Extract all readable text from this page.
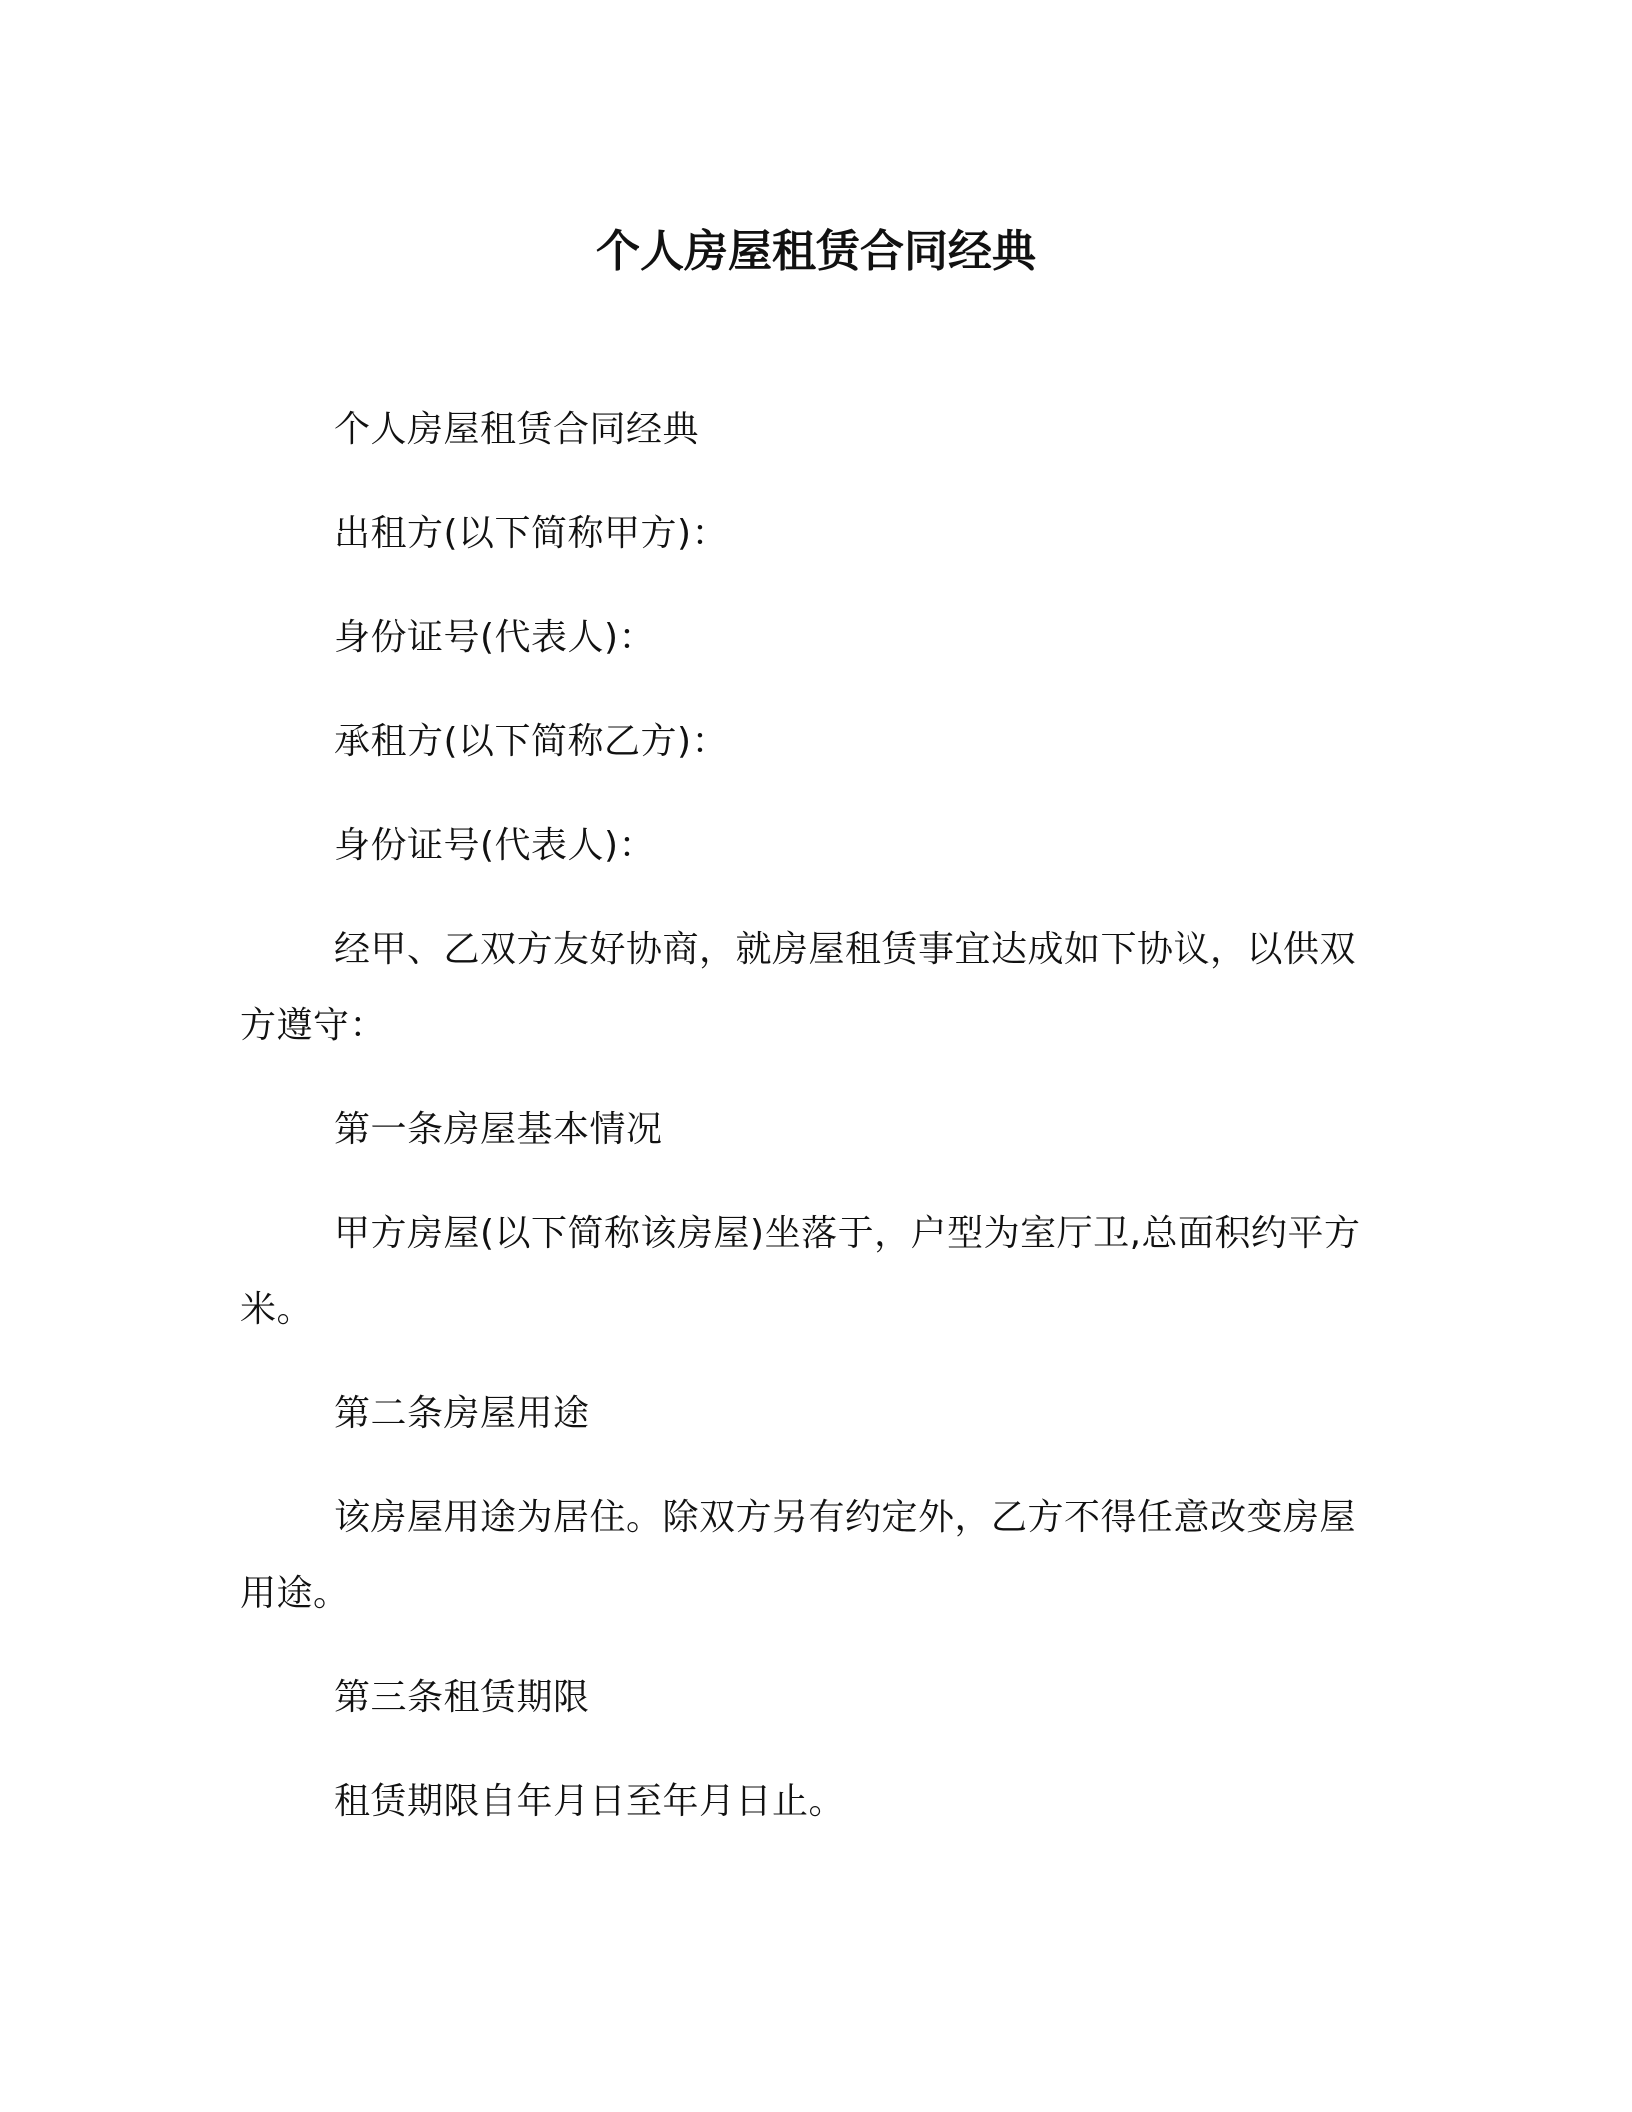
个人房屋租赁合同经典

个人房屋租赁合同经典

出租方(以下简称甲方)：

身份证号(代表人)：

承租方(以下简称乙方)：

身份证号(代表人)：

经甲、乙双方友好协商，就房屋租赁事宜达成如下协议，以供双方遵守：

第一条房屋基本情况

甲方房屋(以下简称该房屋)坐落于，户型为室厅卫,总面积约平方米。

第二条房屋用途

该房屋用途为居住。除双方另有约定外，乙方不得任意改变房屋用途。

第三条租赁期限

租赁期限自年月日至年月日止。
